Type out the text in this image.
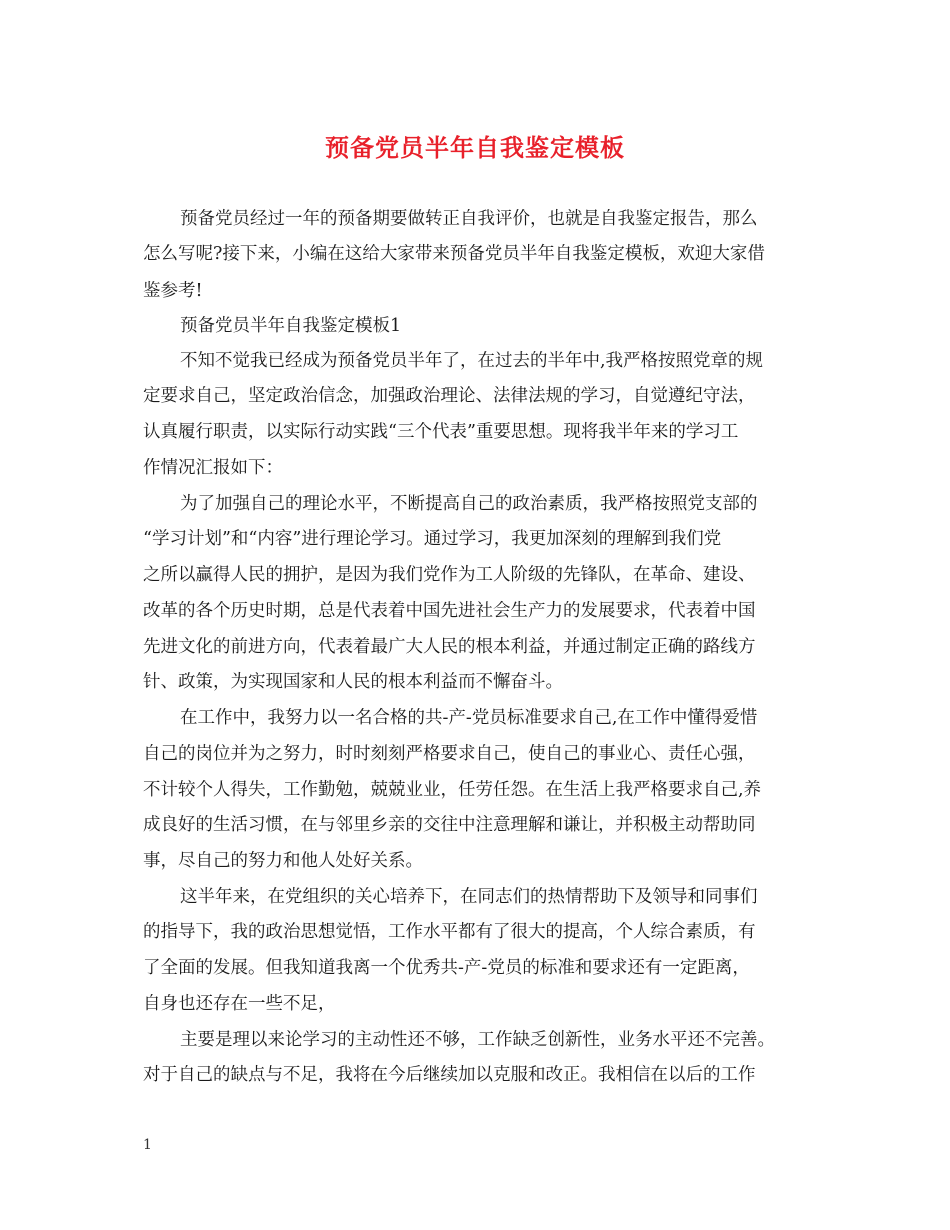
预备党员半年自我鉴定模板
预备党员经过一年的预备期要做转正自我评价，也就是自我鉴定报告，那么
怎么写呢?接下来，小编在这给大家带来预备党员半年自我鉴定模板，欢迎大家借
鉴参考!
预备党员半年自我鉴定模板1
不知不觉我已经成为预备党员半年了，在过去的半年中,我严格按照党章的规
定要求自己，坚定政治信念，加强政治理论、法律法规的学习，自觉遵纪守法，
认真履行职责，以实际行动实践“三个代表”重要思想。现将我半年来的学习工
作情况汇报如下：
为了加强自己的理论水平，不断提高自己的政治素质，我严格按照党支部的
“学习计划”和“内容”进行理论学习。通过学习，我更加深刻的理解到我们党
之所以赢得人民的拥护，是因为我们党作为工人阶级的先锋队，在革命、建设、
改革的各个历史时期，总是代表着中国先进社会生产力的发展要求，代表着中国
先进文化的前进方向，代表着最广大人民的根本利益，并通过制定正确的路线方
针、政策，为实现国家和人民的根本利益而不懈奋斗。
在工作中，我努力以一名合格的共-产-党员标准要求自己,在工作中懂得爱惜
自己的岗位并为之努力，时时刻刻严格要求自己，使自己的事业心、责任心强，
不计较个人得失，工作勤勉，兢兢业业，任劳任怨。在生活上我严格要求自己,养
成良好的生活习惯，在与邻里乡亲的交往中注意理解和谦让，并积极主动帮助同
事，尽自己的努力和他人处好关系。
这半年来，在党组织的关心培养下，在同志们的热情帮助下及领导和同事们
的指导下，我的政治思想觉悟，工作水平都有了很大的提高，个人综合素质，有
了全面的发展。但我知道我离一个优秀共-产-党员的标准和要求还有一定距离，
自身也还存在一些不足，
主要是理以来论学习的主动性还不够，工作缺乏创新性，业务水平还不完善。
对于自己的缺点与不足，我将在今后继续加以克服和改正。我相信在以后的工作
1
